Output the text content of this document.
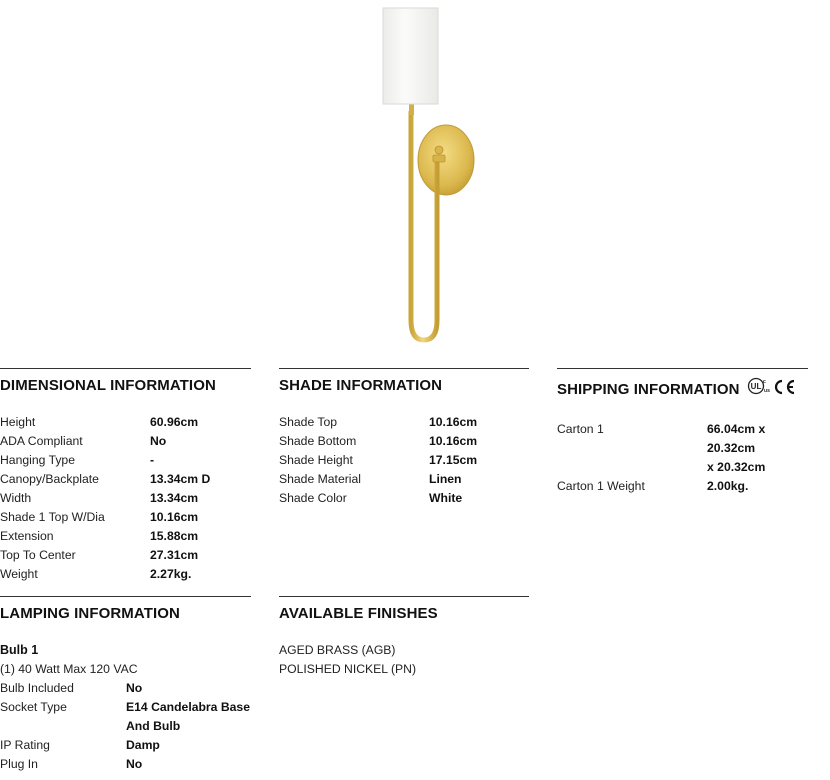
DIMENSIONAL INFORMATION
Height	60.96cm
ADA Compliant	No
Hanging Type	-
Canopy/Backplate	13.34cm D
Width	13.34cm
Shade 1 Top W/Dia	10.16cm
Extension	15.88cm
Top To Center	27.31cm
Weight	2.27kg.
SHADE INFORMATION
Shade Top	10.16cm
Shade Bottom	10.16cm
Shade Height	17.15cm
Shade Material	Linen
Shade Color	White
SHIPPING INFORMATION UL c
us
Carton 1	66.04cm x 20.32cm
x 20.32cm
Carton 1 Weight	2.00kg.
LAMPING INFORMATION
Bulb 1
(1) 40 Watt Max 120 VAC
Bulb Included	No
Socket Type	E14 Candelabra Base
And Bulb
IP Rating	Damp
Plug In	No
AVAILABLE FINISHES
AGED BRASS (AGB)
POLISHED NICKEL (PN)
